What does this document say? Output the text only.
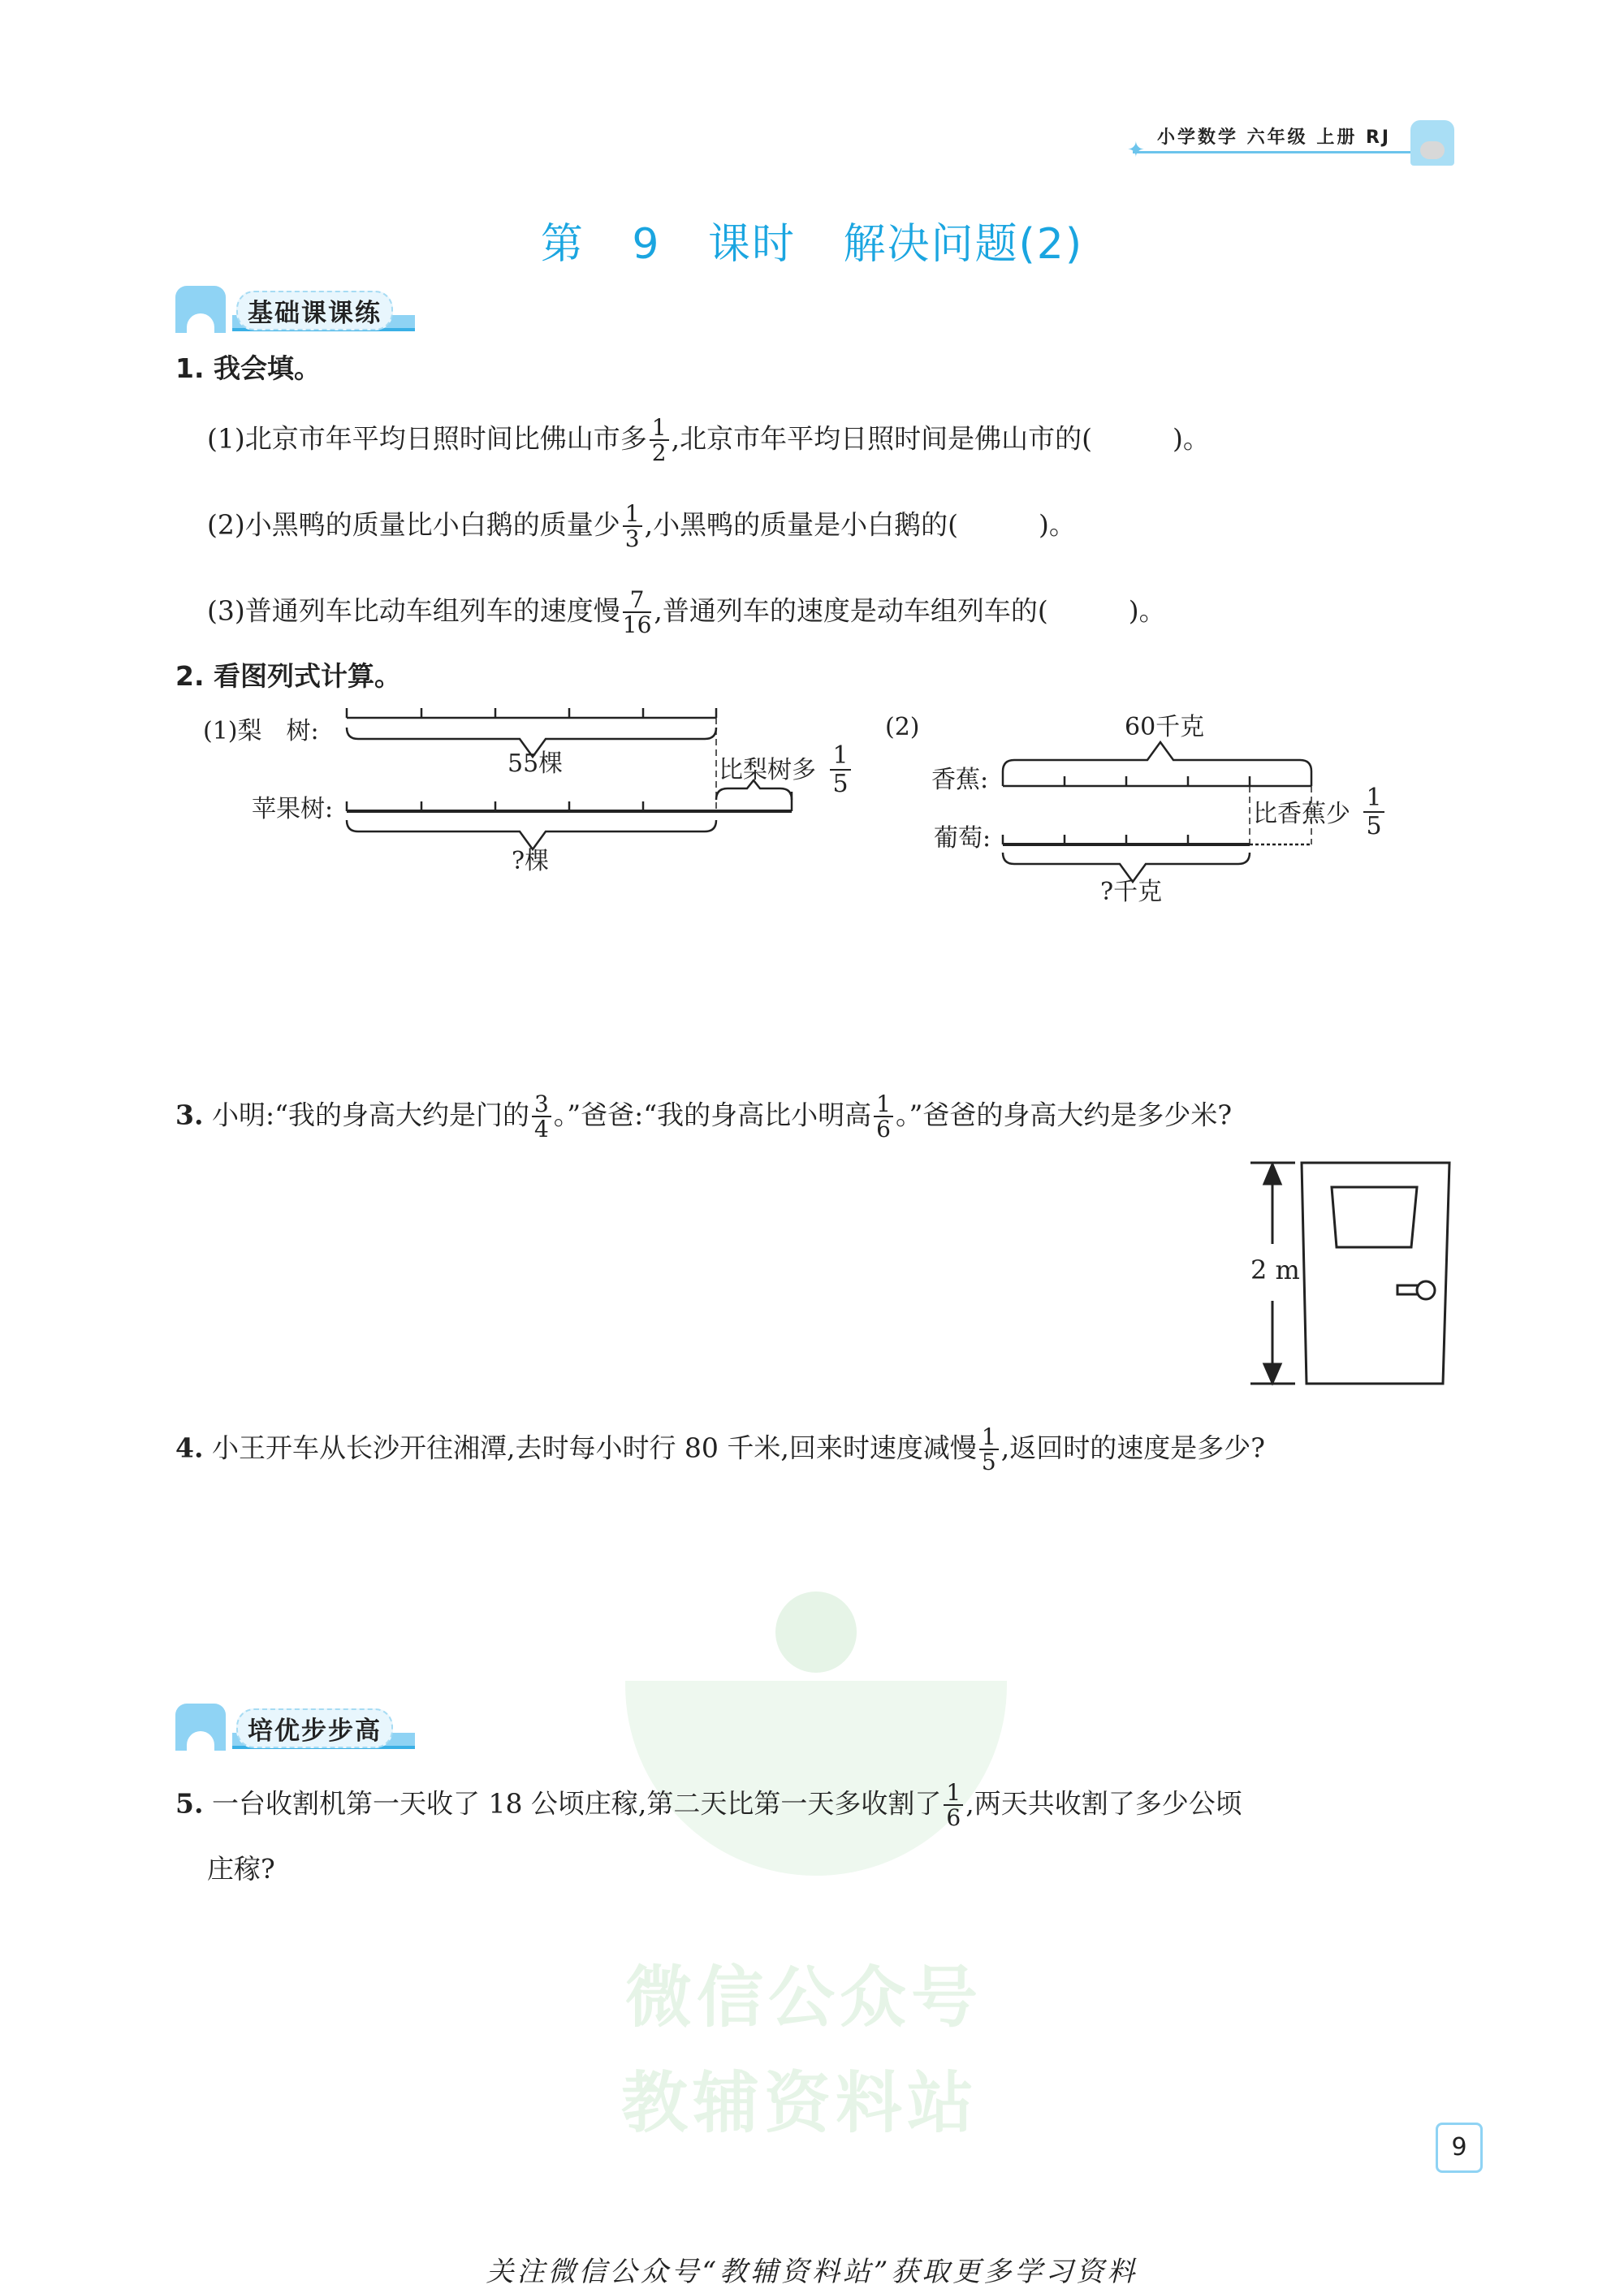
小学数学 六年级 上册 RJ
✦
第 9 课时 解决问题(2)
微信公众号
教辅资料站
基础课课练
1. 我会填。
(1)北京市年平均日照时间比佛山市多 $\frac{1}{2}$ ,北京市年平均日照时间是佛山市的(　　　)。
(2)小黑鸭的质量比小白鹅的质量少 $\frac{1}{3}$ ,小黑鸭的质量是小白鹅的(　　　)。
(3)普通列车比动车组列车的速度慢 $\frac{7}{16}$ ,普通列车的速度是动车组列车的(　　　)。
2. 看图列式计算。
(1)梨　树:
苹果树:
55棵	比梨树多
1
5
?棵
(2)	60千克
香蕉:
葡萄:
比香蕉少
1
5
?千克
2 m
3. 小明:“我的身高大约是门的 $\frac{3}{4}$ 。”爸爸:“我的身高比小明高 $\frac{1}{6}$ 。”爸爸的身高大约是多少米?
4. 小王开车从长沙开往湘潭,去时每小时行 80 千米,回来时速度减慢 $\frac{1}{5}$ ,返回时的速度是多少?
培优步步高
5. 一台收割机第一天收了 18 公顷庄稼,第二天比第一天多收割了 $\frac{1}{6}$ ,两天共收割了多少公顷
庄稼?
9
关注微信公众号“教辅资料站”获取更多学习资料
